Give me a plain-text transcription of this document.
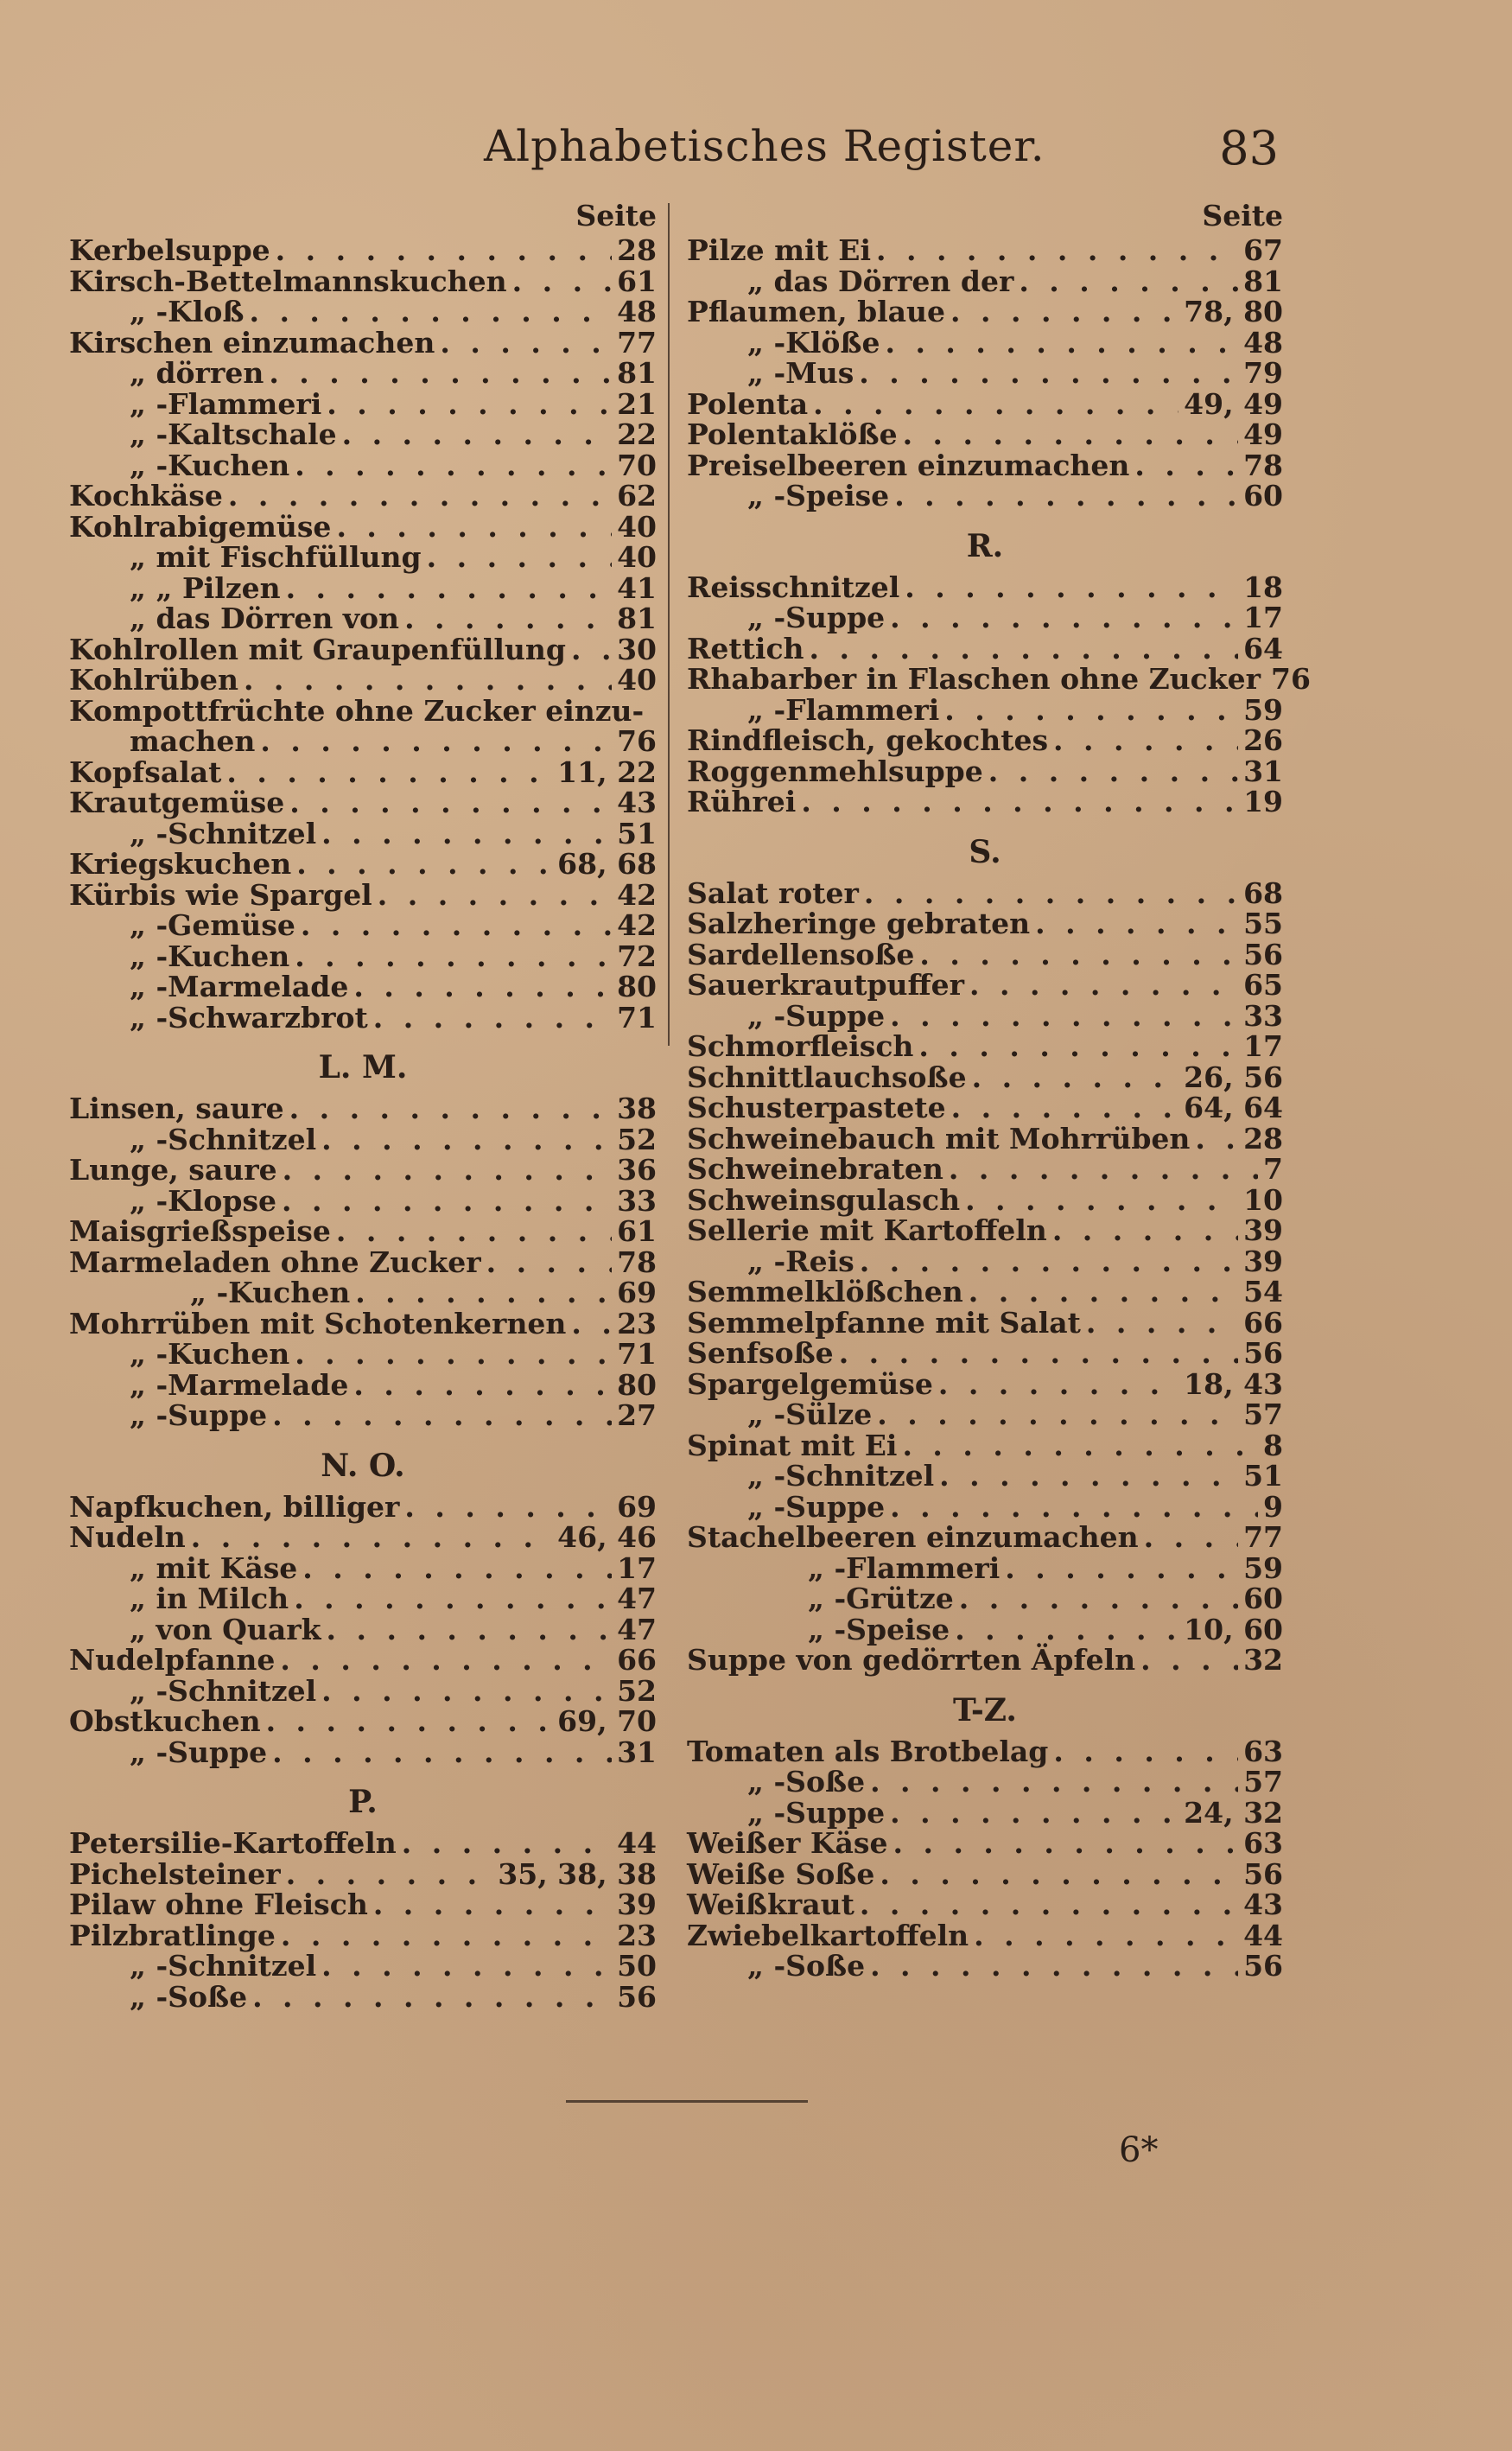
Alphabetisches Register.	83
Seite
Kerbelsuppe . . .	28
Kirsch-Bettelmannskuchen . . .	61
„ -Kloß . . .	48
Kirschen einzumachen . . .	77
„ dörren . . .	81
„ -Flammeri . . .	21
„ -Kaltschale . . .	22
„ -Kuchen . . .	70
Kochkäse . . .	62
Kohlrabigemüse . . .	40
„ mit Fischfüllung . . .	40
„ „ Pilzen . . .	41
„ das Dörren von . . .	81
Kohlrollen mit Graupenfüllung . . . 30
Kohlrüben . . .	40
Kompottfrüchte ohne Zucker einzu-
machen . . .	76
Kopfsalat . . .	11, 22
Krautgemüse . . .	43
„ -Schnitzel . . .	51
Kriegskuchen . . .	68, 68
Kürbis wie Spargel . . .	42
„ -Gemüse . . .	42
„ -Kuchen . . .	72
„ -Marmelade . . .	80
„ -Schwarzbrot . . .	71
L. M.
Linsen, saure . . .	38
„ -Schnitzel . . .	52
Lunge, saure . . .	36
„ -Klopse . . .	33
Maisgrießspeise . . .	61
Marmeladen ohne Zucker . . .	78
„ -Kuchen . . .	69
Mohrrüben mit Schotenkernen . . . 23
„ -Kuchen . . .	71
„ -Marmelade . . .	80
„ -Suppe . . .	27
N. O.
Napfkuchen, billiger . . .	69
Nudeln . . .	46, 46
„ mit Käse . . .	17
„ in Milch . . .	47
„ von Quark . . .	47
Nudelpfanne . . .	66
„ -Schnitzel . . .	52
Obstkuchen . . .	69, 70
„ -Suppe . . .	31
P.
Petersilie-Kartoffeln . . .	44
Pichelsteiner . . .	35, 38, 38
Pilaw ohne Fleisch . . .	39
Pilzbratlinge . . .	23
„ -Schnitzel . . .	50
„ -Soße . . .	56
Seite
Pilze mit Ei . . .	67
„ das Dörren der . . .	81
Pflaumen, blaue . . .	78, 80
„ -Klöße . . .	48
„ -Mus . . .	79
Polenta . . .	49, 49
Polentaklöße . . .	49
Preiselbeeren einzumachen . . .	78
„ -Speise . . .	60
R.
Reisschnitzel . . .	18
„ -Suppe . . .	17
Rettich . . .	64
Rhabarber in Flaschen ohne Zucker 76
„ -Flammeri . . .	59
Rindfleisch, gekochtes . . .	26
Roggenmehlsuppe . . .	31
Rührei . . .	19
S.
Salat roter . . .	68
Salzheringe gebraten . . .	55
Sardellensoße . . .	56
Sauerkrautpuffer . . .	65
„ -Suppe . . .	33
Schmorfleisch . . .	17
Schnittlauchsoße . . .	26, 56
Schusterpastete . . .	64, 64
Schweinebauch mit Mohrrüben . . . 28
Schweinebraten . . .	7
Schweinsgulasch . . .	10
Sellerie mit Kartoffeln . . .	39
„ -Reis . . .	39
Semmelklößchen . . .	54
Semmelpfanne mit Salat . . .	66
Senfsoße . . .	56
Spargelgemüse . . .	18, 43
„ -Sülze . . .	57
Spinat mit Ei . . .	8
„ -Schnitzel . . .	51
„ -Suppe . . .	9
Stachelbeeren einzumachen . . .	77
„ -Flammeri . . .	59
„ -Grütze . . .	60
„ -Speise . . .	10, 60
Suppe von gedörrten Äpfeln . . .	32
T-Z.
Tomaten als Brotbelag . . .	63
„ -Soße . . .	57
„ -Suppe . . .	24, 32
Weißer Käse . . .	63
Weiße Soße . . .	56
Weißkraut . . .	43
Zwiebelkartoffeln . . .	44
„ -Soße . . .	56
6*
